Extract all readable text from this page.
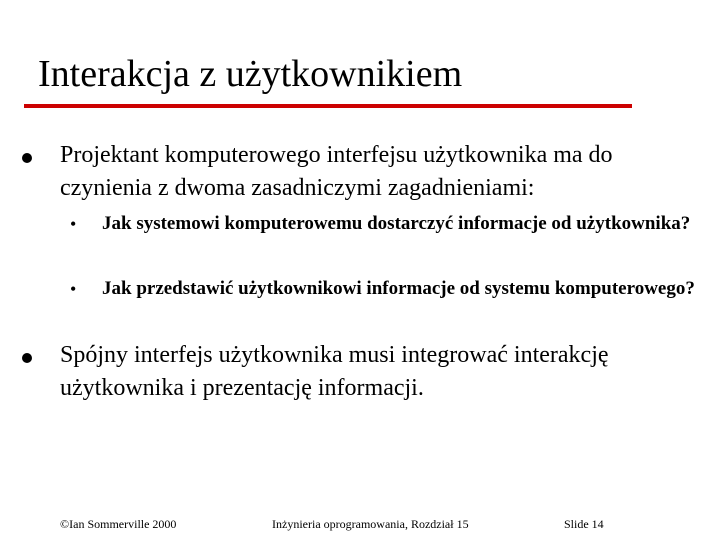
Interakcja z użytkownikiem
Projektant komputerowego interfejsu użytkownika ma do czynienia z dwoma zasadniczymi zagadnieniami:
• Jak systemowi komputerowemu dostarczyć informacje od użytkownika?
• Jak przedstawić użytkownikowi informacje od systemu komputerowego?
Spójny interfejs użytkownika musi integrować interakcję użytkownika i prezentację informacji.
©Ian Sommerville 2000	Inżynieria oprogramowania, Rozdział 15	Slide 14
